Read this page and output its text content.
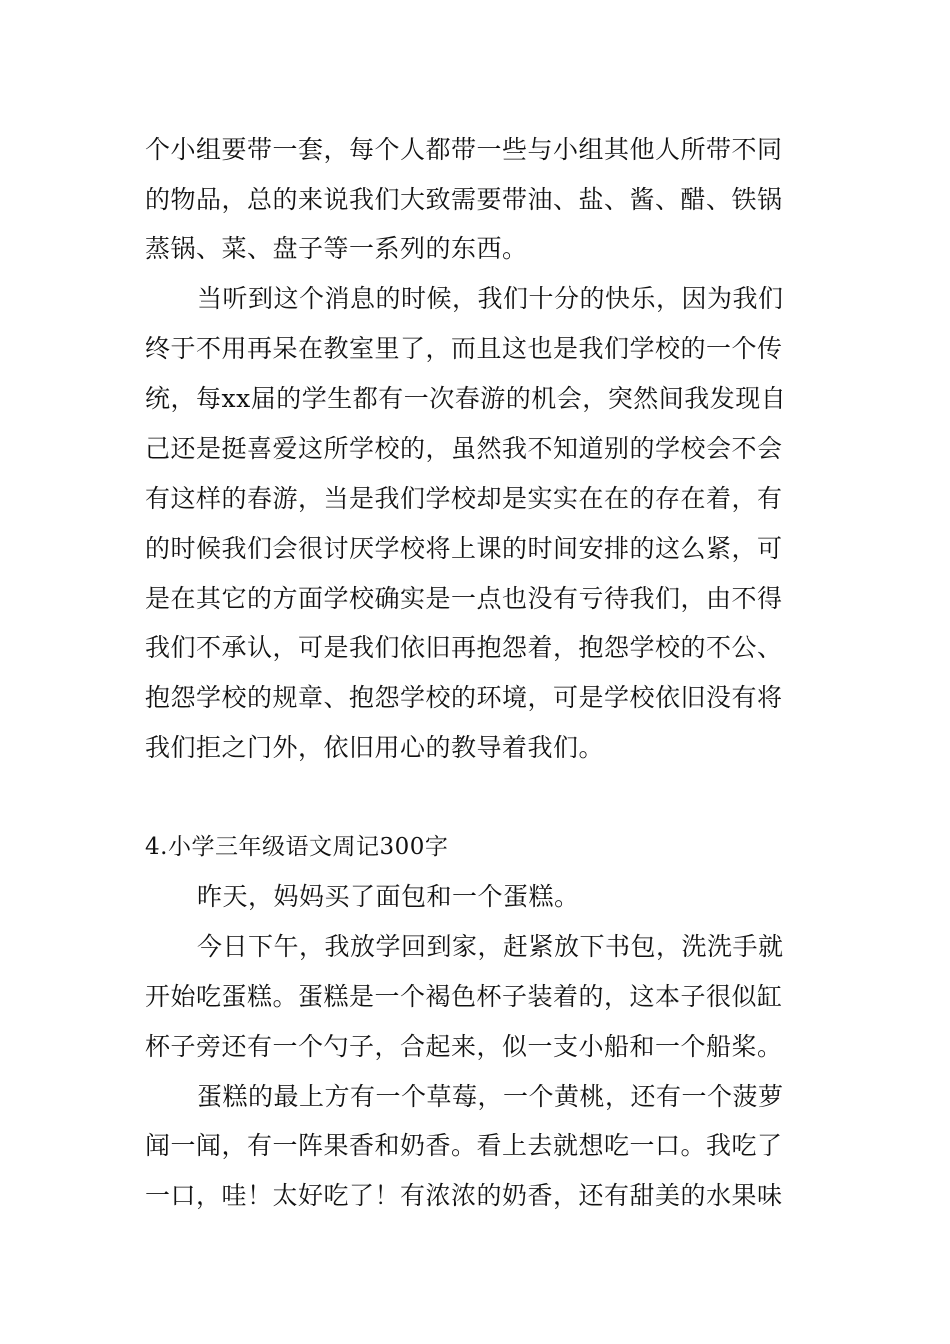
个小组要带一套，每个人都带一些与小组其他人所带不同
的物品，总的来说我们大致需要带油、盐、酱、醋、铁锅
蒸锅、菜、盘子等一系列的东西。
当听到这个消息的时候，我们十分的快乐，因为我们
终于不用再呆在教室里了，而且这也是我们学校的一个传
统，每xx届的学生都有一次春游的机会，突然间我发现自
己还是挺喜爱这所学校的，虽然我不知道别的学校会不会
有这样的春游，当是我们学校却是实实在在的存在着，有
的时候我们会很讨厌学校将上课的时间安排的这么紧，可
是在其它的方面学校确实是一点也没有亏待我们，由不得
我们不承认，可是我们依旧再抱怨着，抱怨学校的不公、
抱怨学校的规章、抱怨学校的环境，可是学校依旧没有将
我们拒之门外，依旧用心的教导着我们。
4.小学三年级语文周记300字
昨天，妈妈买了面包和一个蛋糕。
今日下午，我放学回到家，赶紧放下书包，洗洗手就
开始吃蛋糕。蛋糕是一个褐色杯子装着的，这本子很似缸
杯子旁还有一个勺子，合起来，似一支小船和一个船桨。
蛋糕的最上方有一个草莓，一个黄桃，还有一个菠萝
闻一闻，有一阵果香和奶香。看上去就想吃一口。我吃了
一口，哇！太好吃了！有浓浓的奶香，还有甜美的水果味
